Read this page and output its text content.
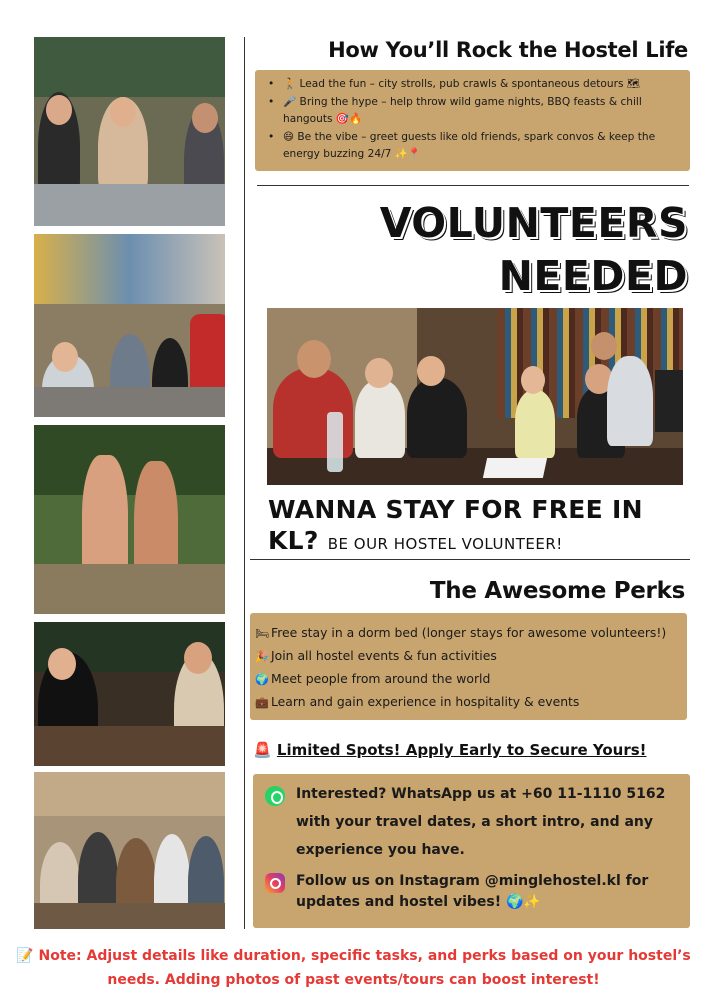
How You’ll Rock the Hostel Life
• 🚶 Lead the fun – city strolls, pub crawls & spontaneous detours 🗺
• 🎤 Bring the hype – help throw wild game nights, BBQ feasts & chill hangouts 🎯🔥
• 😄 Be the vibe – greet guests like old friends, spark convos & keep the energy buzzing 24/7 ✨📍
VOLUNTEERS
NEEDED
WANNA STAY FOR FREE IN KL? BE OUR HOSTEL VOLUNTEER!
The Awesome Perks
🛏 Free stay in a dorm bed (longer stays for awesome volunteers!)
🎉 Join all hostel events & fun activities
🌍 Meet people from around the world
💼 Learn and gain experience in hospitality & events
🚨 Limited Spots! Apply Early to Secure Yours!
Interested? WhatsApp us at +60 11-1110 5162 with your travel dates, a short intro, and any experience you have.
Follow us on Instagram @minglehostel.kl for updates and hostel vibes! 🌍✨
📝 Note: Adjust details like duration, specific tasks, and perks based on your hostel’s needs. Adding photos of past events/tours can boost interest!
